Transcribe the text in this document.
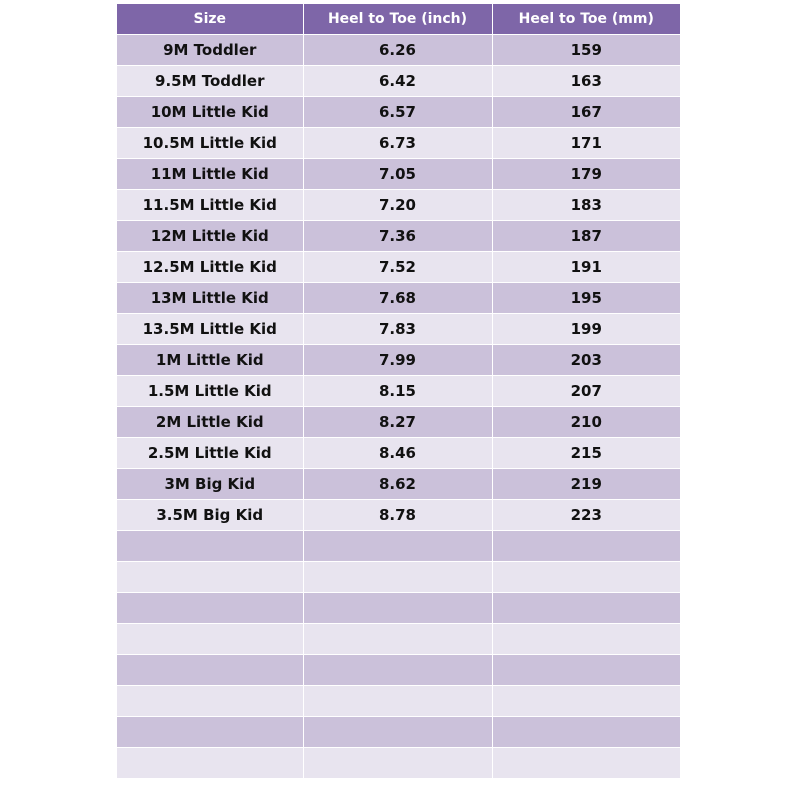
Size	Heel to Toe (inch)	Heel to Toe (mm)
9M Toddler	6.26	159
9.5M Toddler	6.42	163
10M Little Kid	6.57	167
10.5M Little Kid	6.73	171
11M Little Kid	7.05	179
11.5M Little Kid	7.20	183
12M Little Kid	7.36	187
12.5M Little Kid	7.52	191
13M Little Kid	7.68	195
13.5M Little Kid	7.83	199
1M Little Kid	7.99	203
1.5M Little Kid	8.15	207
2M Little Kid	8.27	210
2.5M Little Kid	8.46	215
3M Big Kid	8.62	219
3.5M Big Kid	8.78	223
